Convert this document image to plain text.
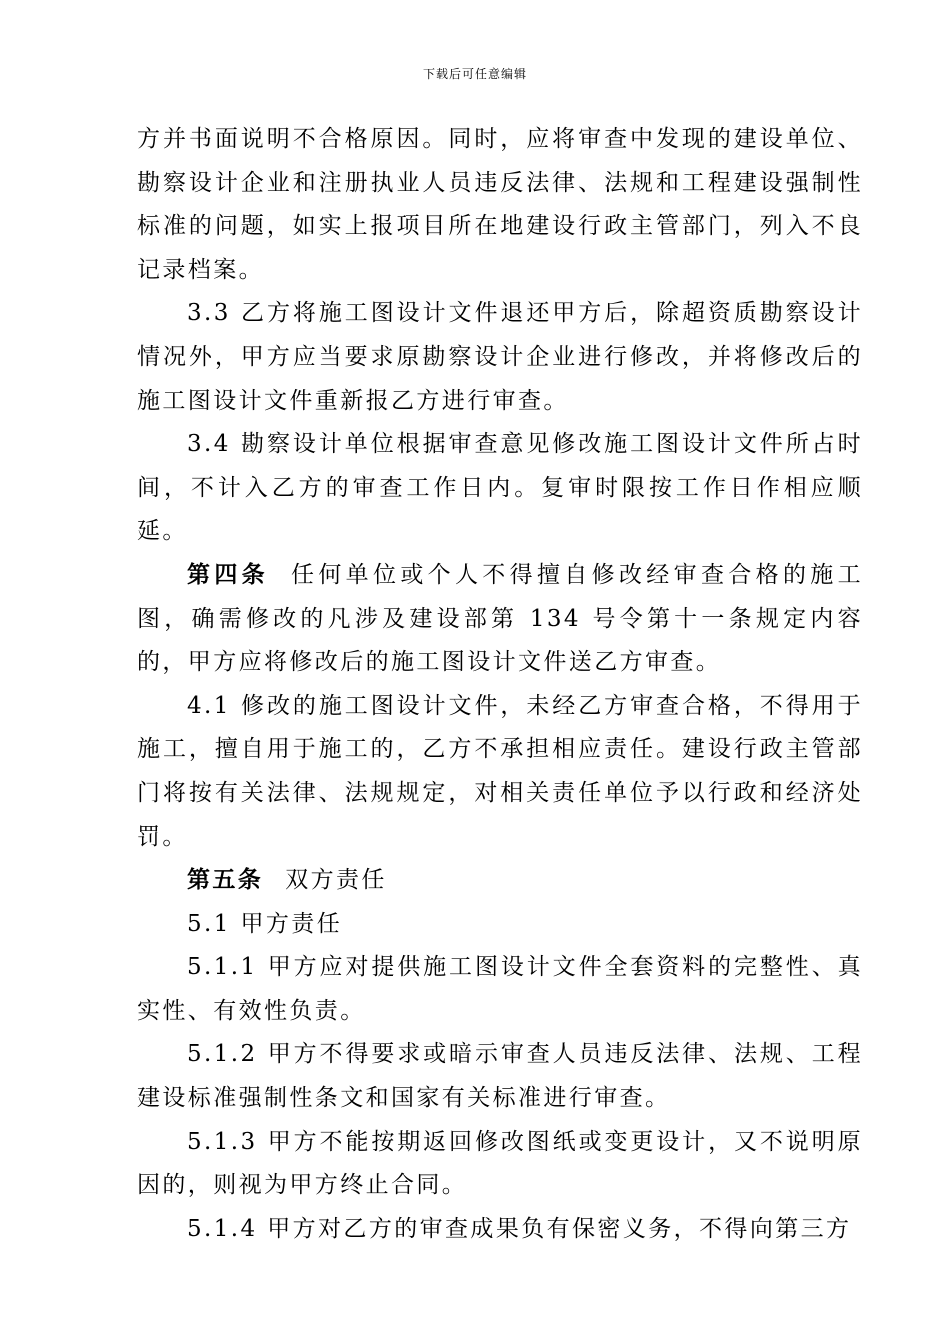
下载后可任意编辑

方并书面说明不合格原因。同时，应将审查中发现的建设单位、勘察设计企业和注册执业人员违反法律、法规和工程建设强制性标准的问题，如实上报项目所在地建设行政主管部门，列入不良记录档案。

3.3 乙方将施工图设计文件退还甲方后，除超资质勘察设计情况外，甲方应当要求原勘察设计企业进行修改，并将修改后的施工图设计文件重新报乙方进行审查。

3.4 勘察设计单位根据审查意见修改施工图设计文件所占时间，不计入乙方的审查工作日内。复审时限按工作日作相应顺延。

第四条 任何单位或个人不得擅自修改经审查合格的施工图，确需修改的凡涉及建设部第 134 号令第十一条规定内容的，甲方应将修改后的施工图设计文件送乙方审查。

4.1 修改的施工图设计文件，未经乙方审查合格，不得用于施工，擅自用于施工的，乙方不承担相应责任。建设行政主管部门将按有关法律、法规规定，对相关责任单位予以行政和经济处罚。

第五条 双方责任

5.1 甲方责任

5.1.1 甲方应对提供施工图设计文件全套资料的完整性、真实性、有效性负责。

5.1.2 甲方不得要求或暗示审查人员违反法律、法规、工程建设标准强制性条文和国家有关标准进行审查。

5.1.3 甲方不能按期返回修改图纸或变更设计，又不说明原因的，则视为甲方终止合同。

5.1.4 甲方对乙方的审查成果负有保密义务，不得向第三方
